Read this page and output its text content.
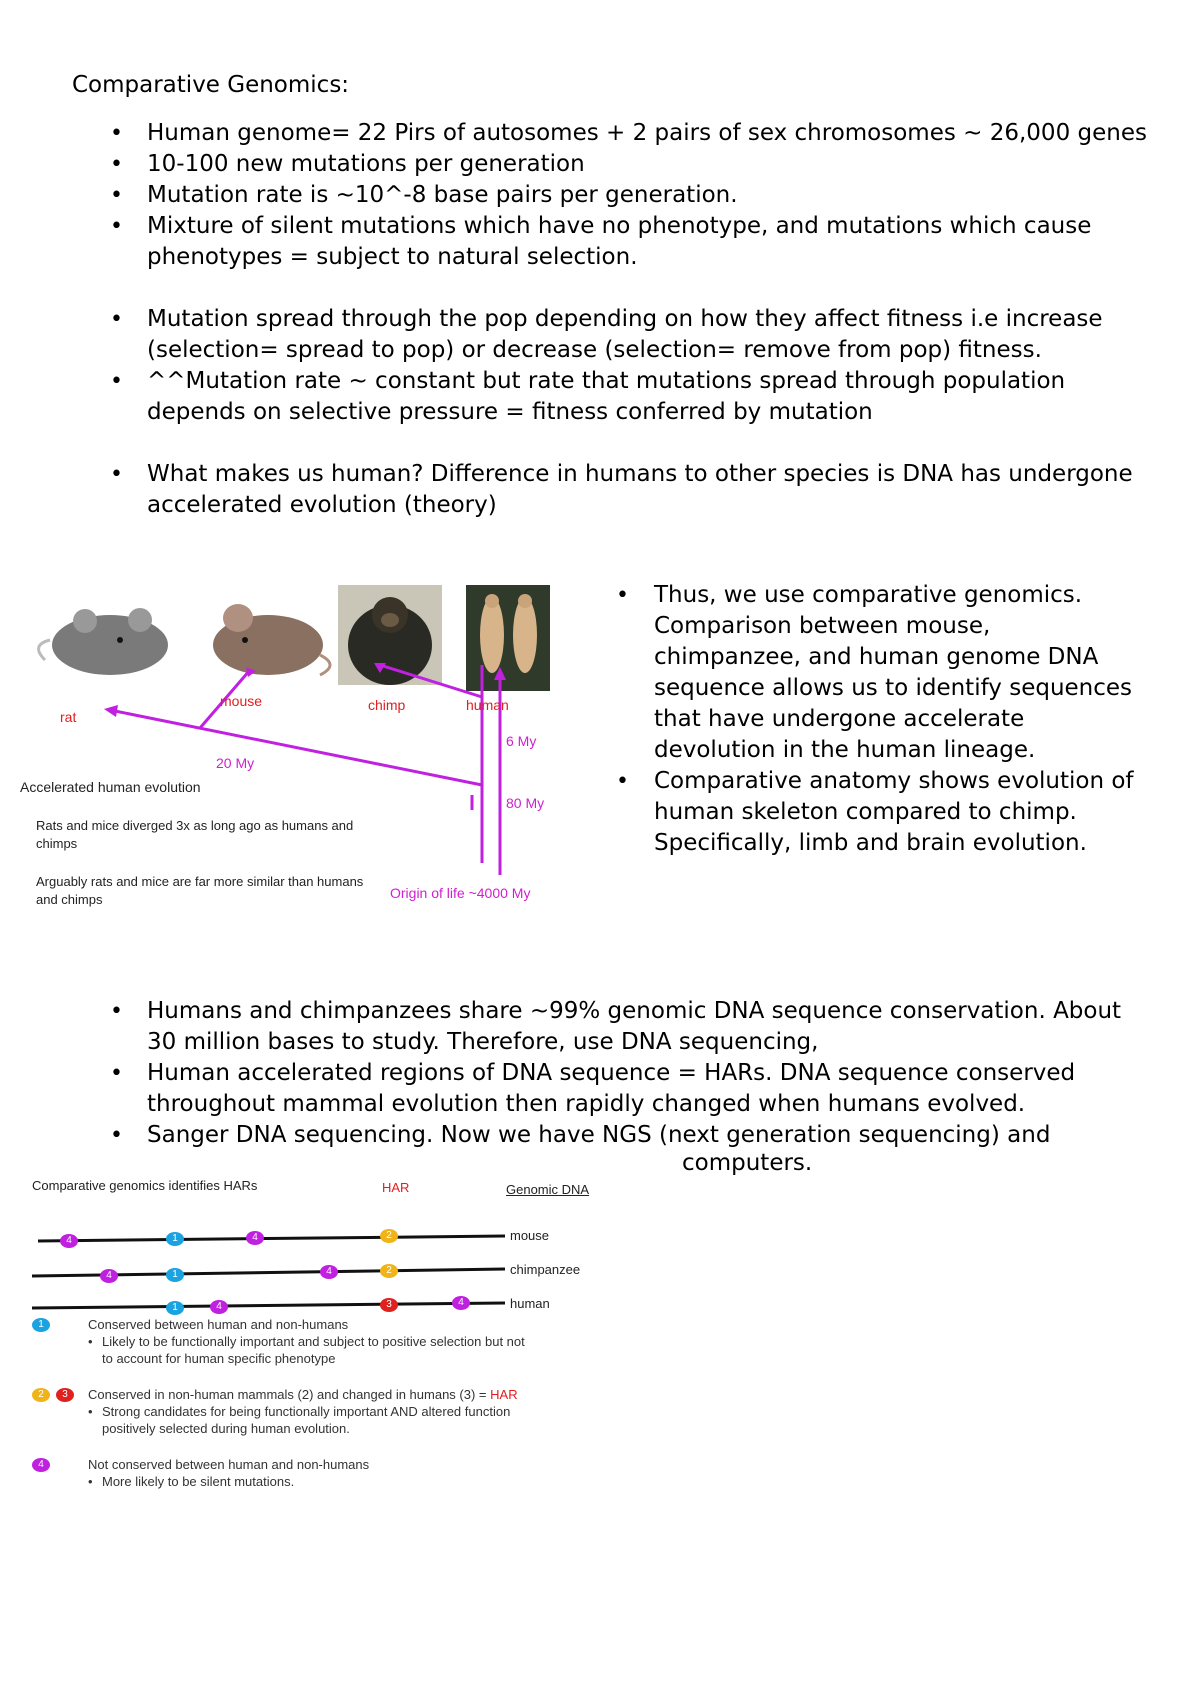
Comparative Genomics:
• Human genome= 22 Pirs of autosomes + 2 pairs of sex chromosomes ~ 26,000 genes
• 10-100 new mutations per generation
• Mutation rate is ~10^-8 base pairs per generation.
• Mixture of silent mutations which have no phenotype, and mutations which cause phenotypes = subject to natural selection.
• Mutation spread through the pop depending on how they affect fitness i.e increase (selection= spread to pop) or decrease (selection= remove from pop) fitness.
• ^^Mutation rate ~ constant but rate that mutations spread through population depends on selective pressure = fitness conferred by mutation
• What makes us human? Difference in humans to other species is DNA has undergone accelerated evolution (theory)
• Thus, we use comparative genomics. Comparison between mouse, chimpanzee, and human genome DNA sequence allows us to identify sequences that have undergone accelerate devolution in the human lineage.
• Comparative anatomy shows evolution of human skeleton compared to chimp. Specifically, limb and brain evolution.
rat
mouse	chimp	human
20 My
6 My
80 My
Origin of life ~4000 My
Accelerated human evolution
Rats and mice diverged 3x as long ago as humans and chimps
Arguably rats and mice are far more similar than humans and chimps
• Humans and chimpanzees share ~99% genomic DNA sequence conservation. About 30 million bases to study. Therefore, use DNA sequencing,
• Human accelerated regions of DNA sequence = HARs. DNA sequence conserved throughout mammal evolution then rapidly changed when humans evolved.
• Sanger DNA sequencing. Now we have NGS (next generation sequencing) and
computers.
Comparative genomics identifies HARs	HAR	Genomic DNA
mouse
chimpanzee
human
4	1	4	2
4	1	4	2
1	4	3	4
1	Conserved between human and non-humans
• Likely to be functionally important and subject to positive selection but not to account for human specific phenotype
2	3	Conserved in non-human mammals (2) and changed in humans (3) = HAR
• Strong candidates for being functionally important AND altered function positively selected during human evolution.
4	Not conserved between human and non-humans
• More likely to be silent mutations.
